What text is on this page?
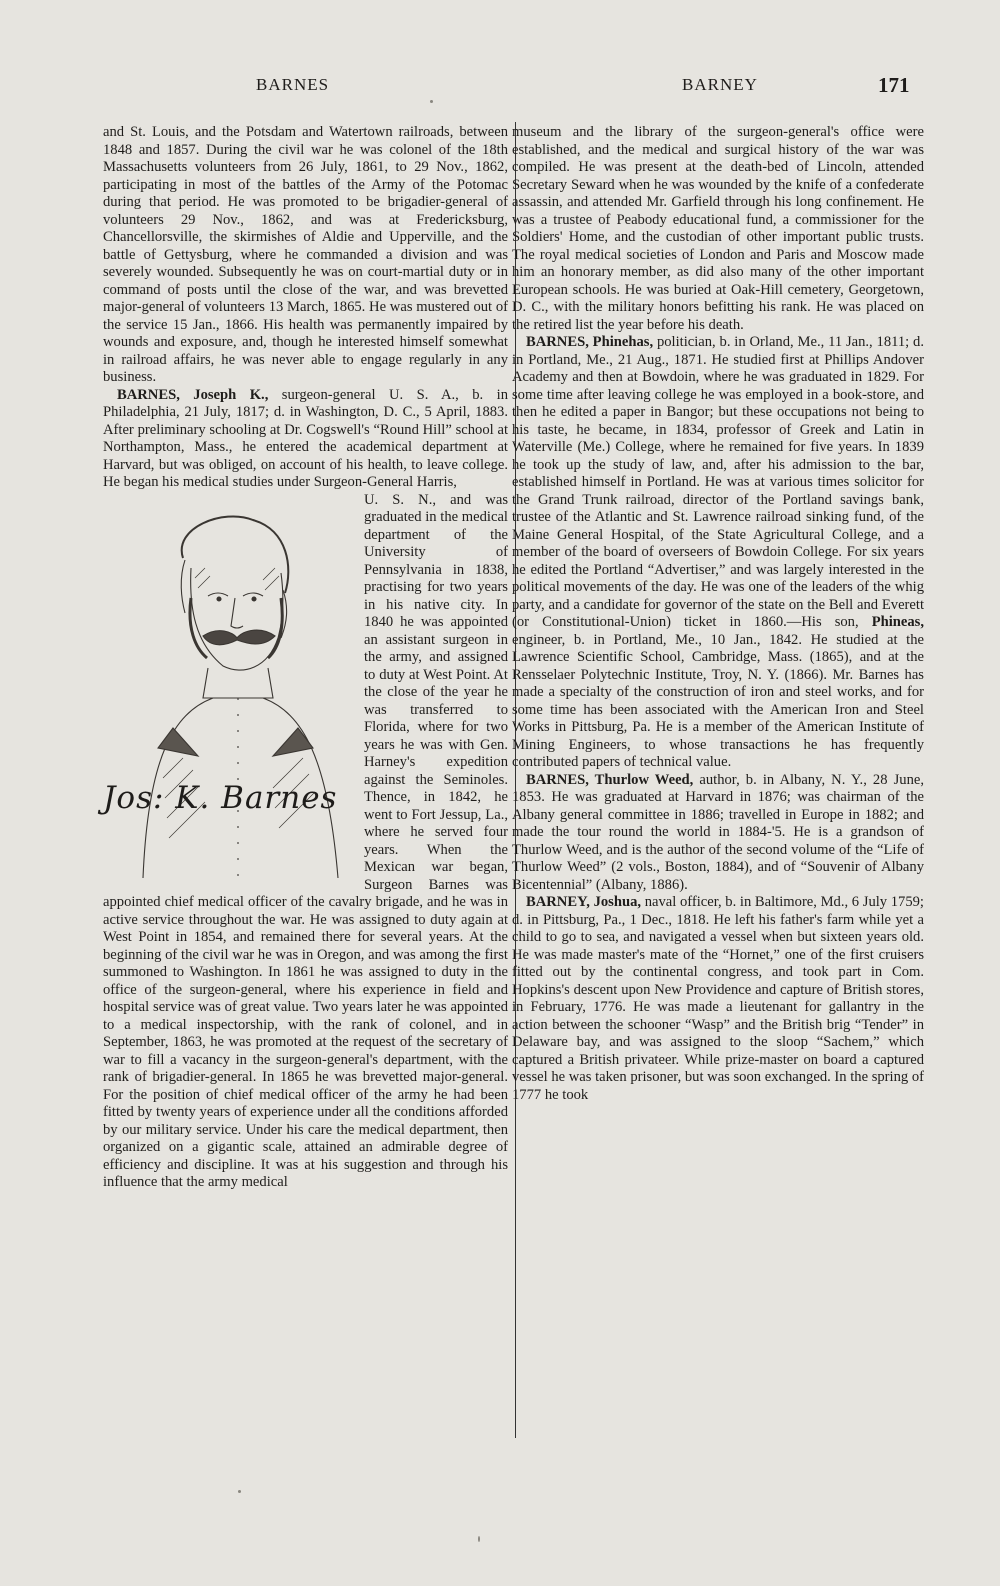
BARNES	BARNEY	171

and St. Louis, and the Potsdam and Watertown railroads, between 1848 and 1857. During the civil war he was colonel of the 18th Massachusetts volunteers from 26 July, 1861, to 29 Nov., 1862, participating in most of the battles of the Army of the Potomac during that period. He was promoted to be brigadier-general of volunteers 29 Nov., 1862, and was at Fredericksburg, Chancellorsville, the skirmishes of Aldie and Upperville, and the battle of Gettysburg, where he commanded a division and was severely wounded. Subsequently he was on court-martial duty or in command of posts until the close of the war, and was brevetted major-general of volunteers 13 March, 1865. He was mustered out of the service 15 Jan., 1866. His health was permanently impaired by wounds and exposure, and, though he interested himself somewhat in railroad affairs, he was never able to engage regularly in any business.

BARNES, Joseph K., surgeon-general U. S. A., b. in Philadelphia, 21 July, 1817; d. in Washington, D. C., 5 April, 1883. After preliminary schooling at Dr. Cogswell's “Round Hill” school at Northampton, Mass., he entered the academical department at Harvard, but was obliged, on account of his health, to leave college. He began his medical studies under Surgeon-General Harris,

Jos: K. Barnes

U. S. N., and was graduated in the medical department of the University of Pennsylvania in 1838, practising for two years in his native city. In 1840 he was appointed an assistant surgeon in the army, and assigned to duty at West Point. At the close of the year he was transferred to Florida, where for two years he was with Gen. Harney's expedition against the Seminoles. Thence, in 1842, he went to Fort Jessup, La., where he served four years. When the Mexican war began, Surgeon Barnes was appointed chief medical officer of the cavalry brigade, and he was in active service throughout the war. He was assigned to duty again at West Point in 1854, and remained there for several years. At the beginning of the civil war he was in Oregon, and was among the first summoned to Washington. In 1861 he was assigned to duty in the office of the surgeon-general, where his experience in field and hospital service was of great value. Two years later he was appointed to a medical inspectorship, with the rank of colonel, and in September, 1863, he was promoted at the request of the secretary of war to fill a vacancy in the surgeon-general's department, with the rank of brigadier-general. In 1865 he was brevetted major-general. For the position of chief medical officer of the army he had been fitted by twenty years of experience under all the conditions afforded by our military service. Under his care the medical department, then organized on a gigantic scale, attained an admirable degree of efficiency and discipline. It was at his suggestion and through his influence that the army medical

museum and the library of the surgeon-general's office were established, and the medical and surgical history of the war was compiled. He was present at the death-bed of Lincoln, attended Secretary Seward when he was wounded by the knife of a confederate assassin, and attended Mr. Garfield through his long confinement. He was a trustee of Peabody educational fund, a commissioner for the Soldiers' Home, and the custodian of other important public trusts. The royal medical societies of London and Paris and Moscow made him an honorary member, as did also many of the other important European schools. He was buried at Oak-Hill cemetery, Georgetown, D. C., with the military honors befitting his rank. He was placed on the retired list the year before his death.

BARNES, Phinehas, politician, b. in Orland, Me., 11 Jan., 1811; d. in Portland, Me., 21 Aug., 1871. He studied first at Phillips Andover Academy and then at Bowdoin, where he was graduated in 1829. For some time after leaving college he was employed in a book-store, and then he edited a paper in Bangor; but these occupations not being to his taste, he became, in 1834, professor of Greek and Latin in Waterville (Me.) College, where he remained for five years. In 1839 he took up the study of law, and, after his admission to the bar, established himself in Portland. He was at various times solicitor for the Grand Trunk railroad, director of the Portland savings bank, trustee of the Atlantic and St. Lawrence railroad sinking fund, of the Maine General Hospital, of the State Agricultural College, and a member of the board of overseers of Bowdoin College. For six years he edited the Portland “Advertiser,” and was largely interested in the political movements of the day. He was one of the leaders of the whig party, and a candidate for governor of the state on the Bell and Everett (or Constitutional-Union) ticket in 1860.—His son, Phineas, engineer, b. in Portland, Me., 10 Jan., 1842. He studied at the Lawrence Scientific School, Cambridge, Mass. (1865), and at the Rensselaer Polytechnic Institute, Troy, N. Y. (1866). Mr. Barnes has made a specialty of the construction of iron and steel works, and for some time has been associated with the American Iron and Steel Works in Pittsburg, Pa. He is a member of the American Institute of Mining Engineers, to whose transactions he has frequently contributed papers of technical value.

BARNES, Thurlow Weed, author, b. in Albany, N. Y., 28 June, 1853. He was graduated at Harvard in 1876; was chairman of the Albany general committee in 1886; travelled in Europe in 1882; and made the tour round the world in 1884-'5. He is a grandson of Thurlow Weed, and is the author of the second volume of the “Life of Thurlow Weed” (2 vols., Boston, 1884), and of “Souvenir of Albany Bicentennial” (Albany, 1886).

BARNEY, Joshua, naval officer, b. in Baltimore, Md., 6 July 1759; d. in Pittsburg, Pa., 1 Dec., 1818. He left his father's farm while yet a child to go to sea, and navigated a vessel when but sixteen years old. He was made master's mate of the “Hornet,” one of the first cruisers fitted out by the continental congress, and took part in Com. Hopkins's descent upon New Providence and capture of British stores, in February, 1776. He was made a lieutenant for gallantry in the action between the schooner “Wasp” and the British brig “Tender” in Delaware bay, and was assigned to the sloop “Sachem,” which captured a British privateer. While prize-master on board a captured vessel he was taken prisoner, but was soon exchanged. In the spring of 1777 he took
